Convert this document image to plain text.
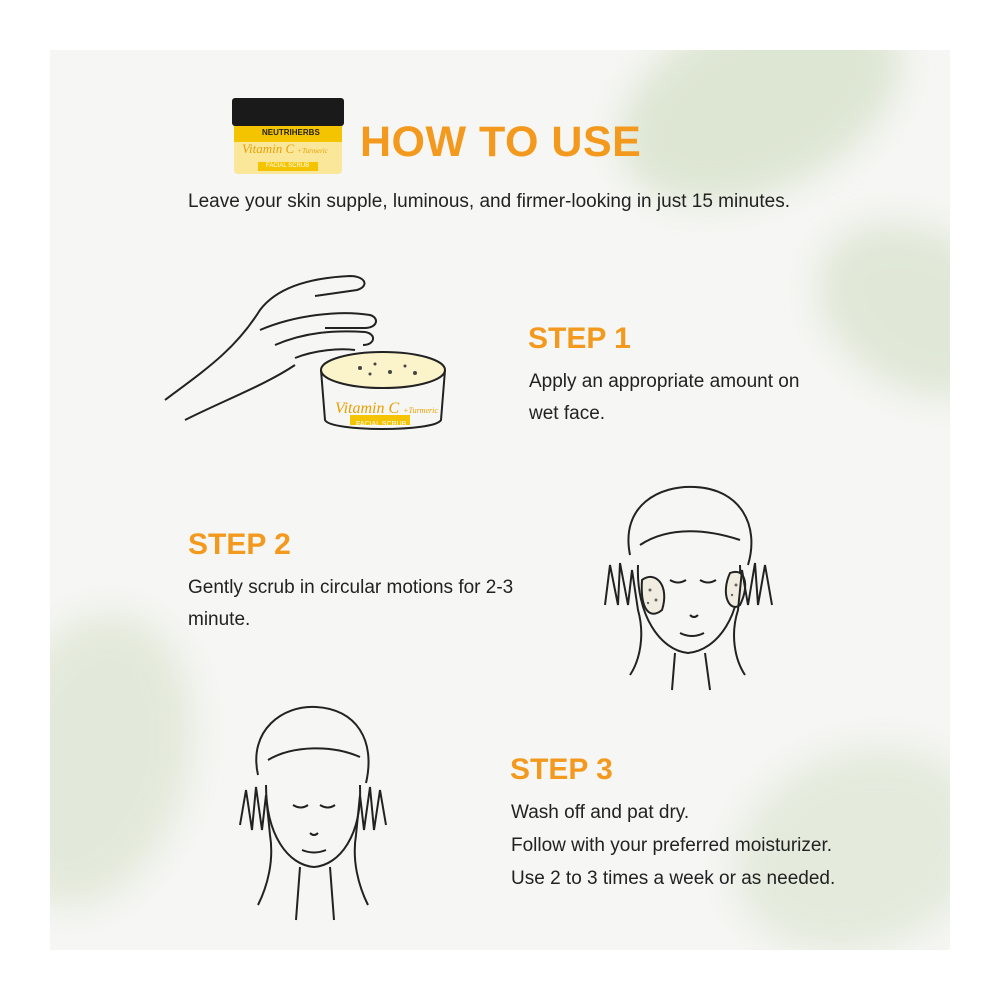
NEUTRIHERBS
Vitamin C +Turmeric
FACIAL SCRUB HOW TO USE
Leave your skin supple, luminous, and firmer-looking in just 15 minutes.
Vitamin C +Turmeric
FACIAL SCRUB
STEP 1
Apply an appropriate amount on
wet face.
STEP 2
Gently scrub in circular motions for 2-3
minute.
STEP 3
Wash off and pat dry.
Follow with your preferred moisturizer.
Use 2 to 3 times a week or as needed.
